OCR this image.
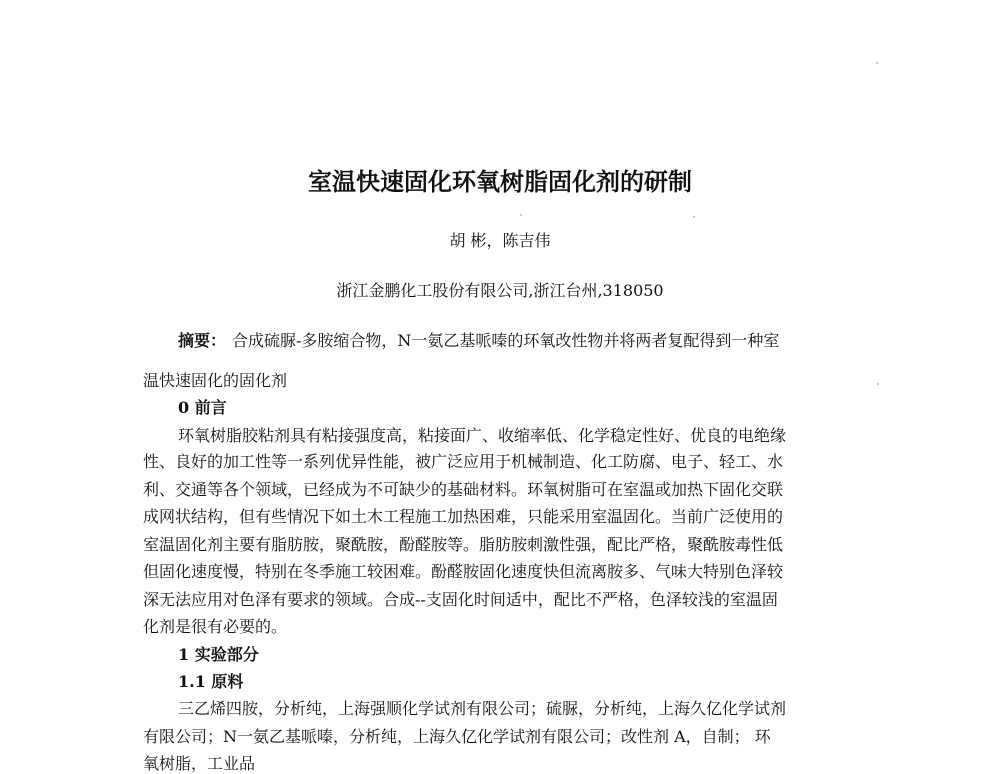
室温快速固化环氧树脂固化剂的研制
胡 彬，陈吉伟
浙江金鹏化工股份有限公司,浙江台州,318050
摘要： 合成硫脲-多胺缩合物，N一氨乙基哌嗪的环氧改性物并将两者复配得到一种室
温快速固化的固化剂
0 前言
环氧树脂胶粘剂具有粘接强度高，粘接面广、收缩率低、化学稳定性好、优良的电绝缘
性、良好的加工性等一系列优异性能，被广泛应用于机械制造、化工防腐、电子、轻工、水
利、交通等各个领域，已经成为不可缺少的基础材料。环氧树脂可在室温或加热下固化交联
成网状结构，但有些情况下如土木工程施工加热困难，只能采用室温固化。当前广泛使用的
室温固化剂主要有脂肪胺，聚酰胺，酚醛胺等。脂肪胺刺激性强，配比严格，聚酰胺毒性低
但固化速度慢，特别在冬季施工较困难。酚醛胺固化速度快但流离胺多、气味大特别色泽较
深无法应用对色泽有要求的领域。合成--支固化时间适中，配比不严格，色泽较浅的室温固
化剂是很有必要的。
1 实验部分
1.1 原料
三乙烯四胺，分析纯，上海强顺化学试剂有限公司；硫脲，分析纯，上海久亿化学试剂
有限公司；N一氨乙基哌嗪，分析纯，上海久亿化学试剂有限公司；改性剂 A，自制； 环
氧树脂，工业品
